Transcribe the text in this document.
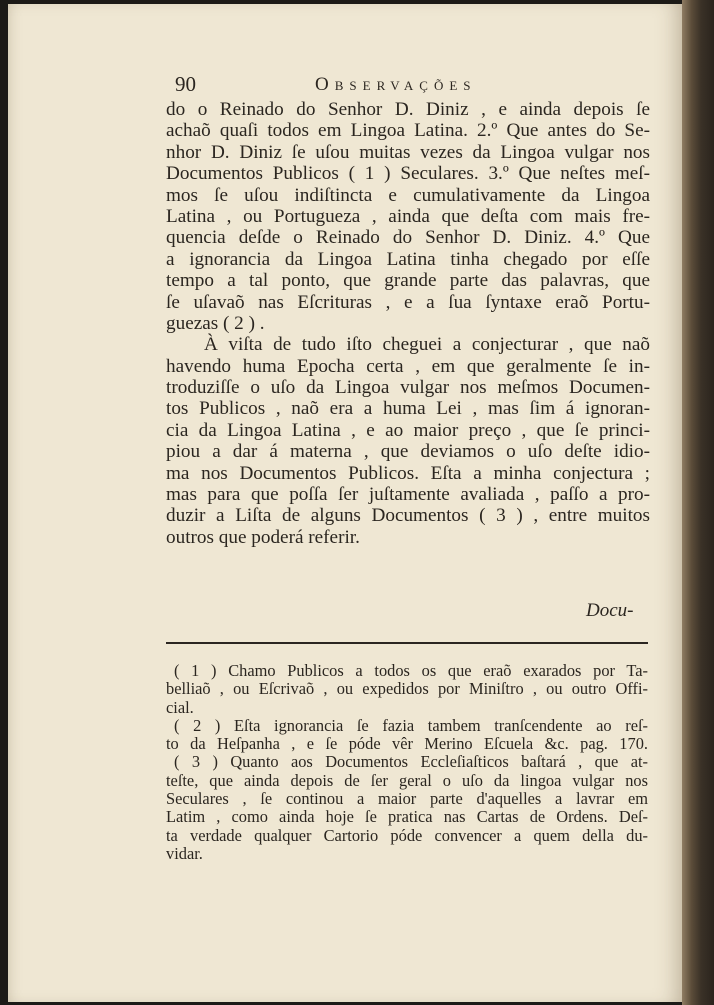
90	Observações
do o Reinado do Senhor D. Diniz , e ainda depois ſe
achaõ quaſi todos em Lingoa Latina. 2.º Que antes do Se-
nhor D. Diniz ſe uſou muitas vezes da Lingoa vulgar nos
Documentos Publicos ( 1 ) Seculares. 3.º Que neſtes meſ-
mos ſe uſou indiſtincta e cumulativamente da Lingoa
Latina , ou Portugueza , ainda que deſta com mais fre-
quencia deſde o Reinado do Senhor D. Diniz. 4.º Que
a ignorancia da Lingoa Latina tinha chegado por eſſe
tempo a tal ponto, que grande parte das palavras, que
ſe uſavaõ nas Eſcrituras , e a ſua ſyntaxe eraõ Portu-
guezas ( 2 ) .
À viſta de tudo iſto cheguei a conjecturar , que naõ
havendo huma Epocha certa , em que geralmente ſe in-
troduziſſe o uſo da Lingoa vulgar nos meſmos Documen-
tos Publicos , naõ era a huma Lei , mas ſim á ignoran-
cia da Lingoa Latina , e ao maior preço , que ſe princi-
piou a dar á materna , que deviamos o uſo deſte idio-
ma nos Documentos Publicos. Eſta a minha conjectura ;
mas para que poſſa ſer juſtamente avaliada , paſſo a pro-
duzir a Liſta de alguns Documentos ( 3 ) , entre muitos
outros que poderá referir.
Docu-
( 1 ) Chamo Publicos a todos os que eraõ exarados por Ta-
belliaõ , ou Eſcrivaõ , ou expedidos por Miniſtro , ou outro Offi-
cial.
( 2 ) Eſta ignorancia ſe fazia tambem tranſcendente ao reſ-
to da Heſpanha , e ſe póde vêr Merino Eſcuela &c. pag. 170.
( 3 ) Quanto aos Documentos Eccleſiaſticos baſtará , que at-
teſte, que ainda depois de ſer geral o uſo da lingoa vulgar nos
Seculares , ſe continou a maior parte d'aquelles a lavrar em
Latim , como ainda hoje ſe pratica nas Cartas de Ordens. Deſ-
ta verdade qualquer Cartorio póde convencer a quem della du-
vidar.
